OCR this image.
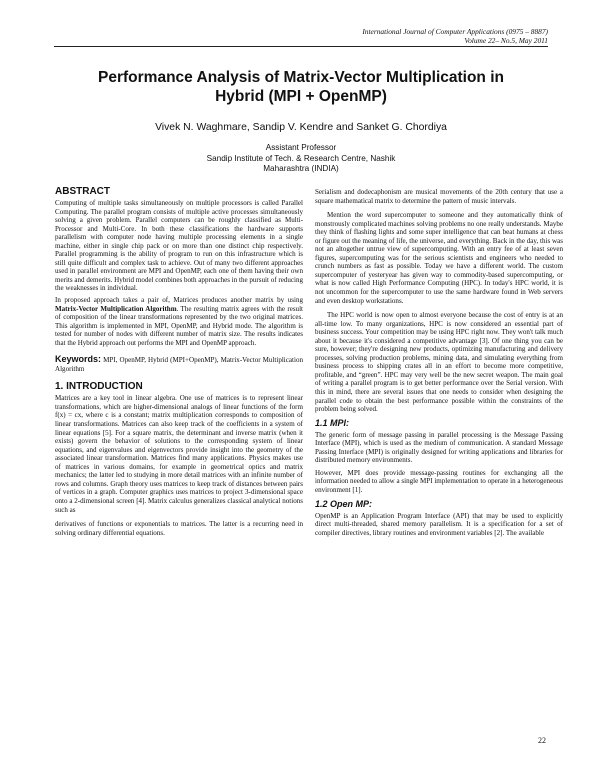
International Journal of Computer Applications (0975 – 8887)
Volume 22– No.5, May 2011
Performance Analysis of Matrix-Vector Multiplication in
Hybrid (MPI + OpenMP)
Vivek N. Waghmare, Sandip V. Kendre and Sanket G. Chordiya
Assistant Professor
Sandip Institute of Tech. & Research Centre, Nashik
Maharashtra (INDIA)
ABSTRACT

Computing of multiple tasks simultaneously on multiple processors is called Parallel Computing. The parallel program consists of multiple active processes simultaneously solving a given problem. Parallel computers can be roughly classified as Multi-Processor and Multi-Core. In both these classifications the hardware supports parallelism with computer node having multiple processing elements in a single machine, either in single chip pack or on more than one distinct chip respectively. Parallel programming is the ability of program to run on this infrastructure which is still quite difficult and complex task to achieve. Out of many two different approaches used in parallel environment are MPI and OpenMP, each one of them having their own merits and demerits. Hybrid model combines both approaches in the pursuit of reducing the weaknesses in individual.

In proposed approach takes a pair of, Matrices produces another matrix by using Matrix-Vector Multiplication Algorithm. The resulting matrix agrees with the result of composition of the linear transformations represented by the two original matrices. This algorithm is implemented in MPI, OpenMP, and Hybrid mode. The algorithm is tested for number of nodes with different number of matrix size. The results indicates that the Hybrid approach out performs the MPI and OpenMP approach.

Keywords: MPI, OpenMP, Hybrid (MPI+OpenMP), Matrix-Vector Multiplication Algorithm

1. INTRODUCTION

Matrices are a key tool in linear algebra. One use of matrices is to represent linear transformations, which are higher-dimensional analogs of linear functions of the form f(x) = cx, where c is a constant; matrix multiplication corresponds to composition of linear transformations. Matrices can also keep track of the coefficients in a system of linear equations [5]. For a square matrix, the determinant and inverse matrix (when it exists) govern the behavior of solutions to the corresponding system of linear equations, and eigenvalues and eigenvectors provide insight into the geometry of the associated linear transformation. Matrices find many applications. Physics makes use of matrices in various domains, for example in geometrical optics and matrix mechanics; the latter led to studying in more detail matrices with an infinite number of rows and columns. Graph theory uses matrices to keep track of distances between pairs of vertices in a graph. Computer graphics uses matrices to project 3-dimensional space onto a 2-dimensional screen [4]. Matrix calculus generalizes classical analytical notions such as

derivatives of functions or exponentials to matrices. The latter is a recurring need in solving ordinary differential equations.

Serialism and dodecaphonism are musical movements of the 20th century that use a square mathematical matrix to determine the pattern of music intervals.

Mention the word supercomputer to someone and they automatically think of monstrously complicated machines solving problems no one really understands. Maybe they think of flashing lights and some super intelligence that can beat humans at chess or figure out the meaning of life, the universe, and everything. Back in the day, this was not an altogether untrue view of supercomputing. With an entry fee of at least seven figures, supercomputing was for the serious scientists and engineers who needed to crunch numbers as fast as possible. Today we have a different world. The custom supercomputer of yesteryear has given way to commodity-based supercomputing, or what is now called High Performance Computing (HPC). In today's HPC world, it is not uncommon for the supercomputer to use the same hardware found in Web servers and even desktop workstations.

The HPC world is now open to almost everyone because the cost of entry is at an all-time low. To many organizations, HPC is now considered an essential part of business success. Your competition may be using HPC right now. They won't talk much about it because it's considered a competitive advantage [3]. Of one thing you can be sure, however; they're designing new products, optimizing manufacturing and delivery processes, solving production problems, mining data, and simulating everything from business process to shipping crates all in an effort to become more competitive, profitable, and “green”. HPC may very well be the new secret weapon. The main goal of writing a parallel program is to get better performance over the Serial version. With this in mind, there are several issues that one needs to consider when designing the parallel code to obtain the best performance possible within the constraints of the problem being solved.

1.1 MPI:

The generic form of message passing in parallel processing is the Message Passing Interface (MPI), which is used as the medium of communication. A standard Message Passing Interface (MPI) is originally designed for writing applications and libraries for distributed memory environments.

However, MPI does provide message-passing routines for exchanging all the information needed to allow a single MPI implementation to operate in a heterogeneous environment [1].

1.2 Open MP:

OpenMP is an Application Program Interface (API) that may be used to explicitly direct multi-threaded, shared memory parallelism. It is a specification for a set of compiler directives, library routines and environment variables [2]. The available

22
